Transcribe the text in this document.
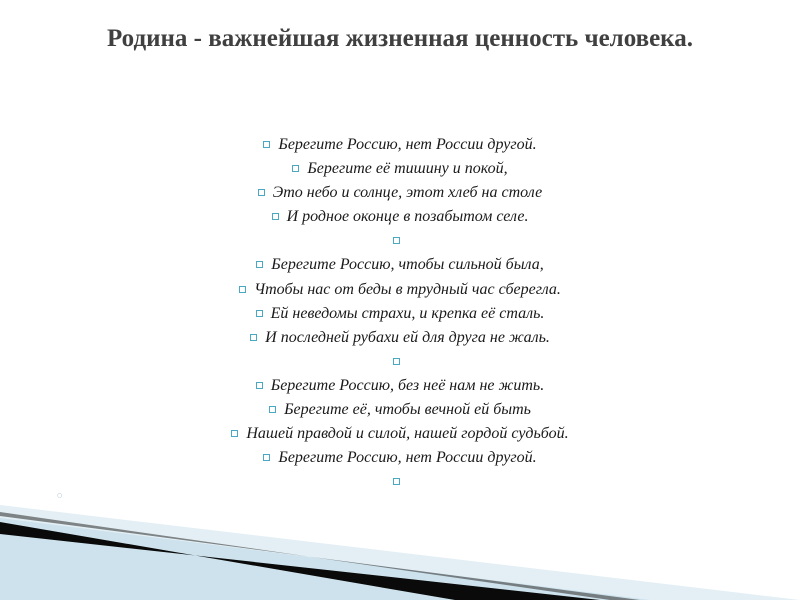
Родина - важнейшая жизненная ценность человека.
Берегите Россию, нет России другой.
Берегите её тишину и покой,
Это небо и солнце, этот хлеб на столе
И родное оконце в позабытом селе.
Берегите Россию, чтобы сильной была,
Чтобы нас от беды в трудный час сберегла.
Ей неведомы страхи, и крепка её сталь.
И последней рубахи ей для друга не жаль.
Берегите Россию, без неё нам не жить.
Берегите её, чтобы вечной ей быть
Нашей правдой и силой, нашей гордой судьбой.
Берегите Россию, нет России другой.
○
